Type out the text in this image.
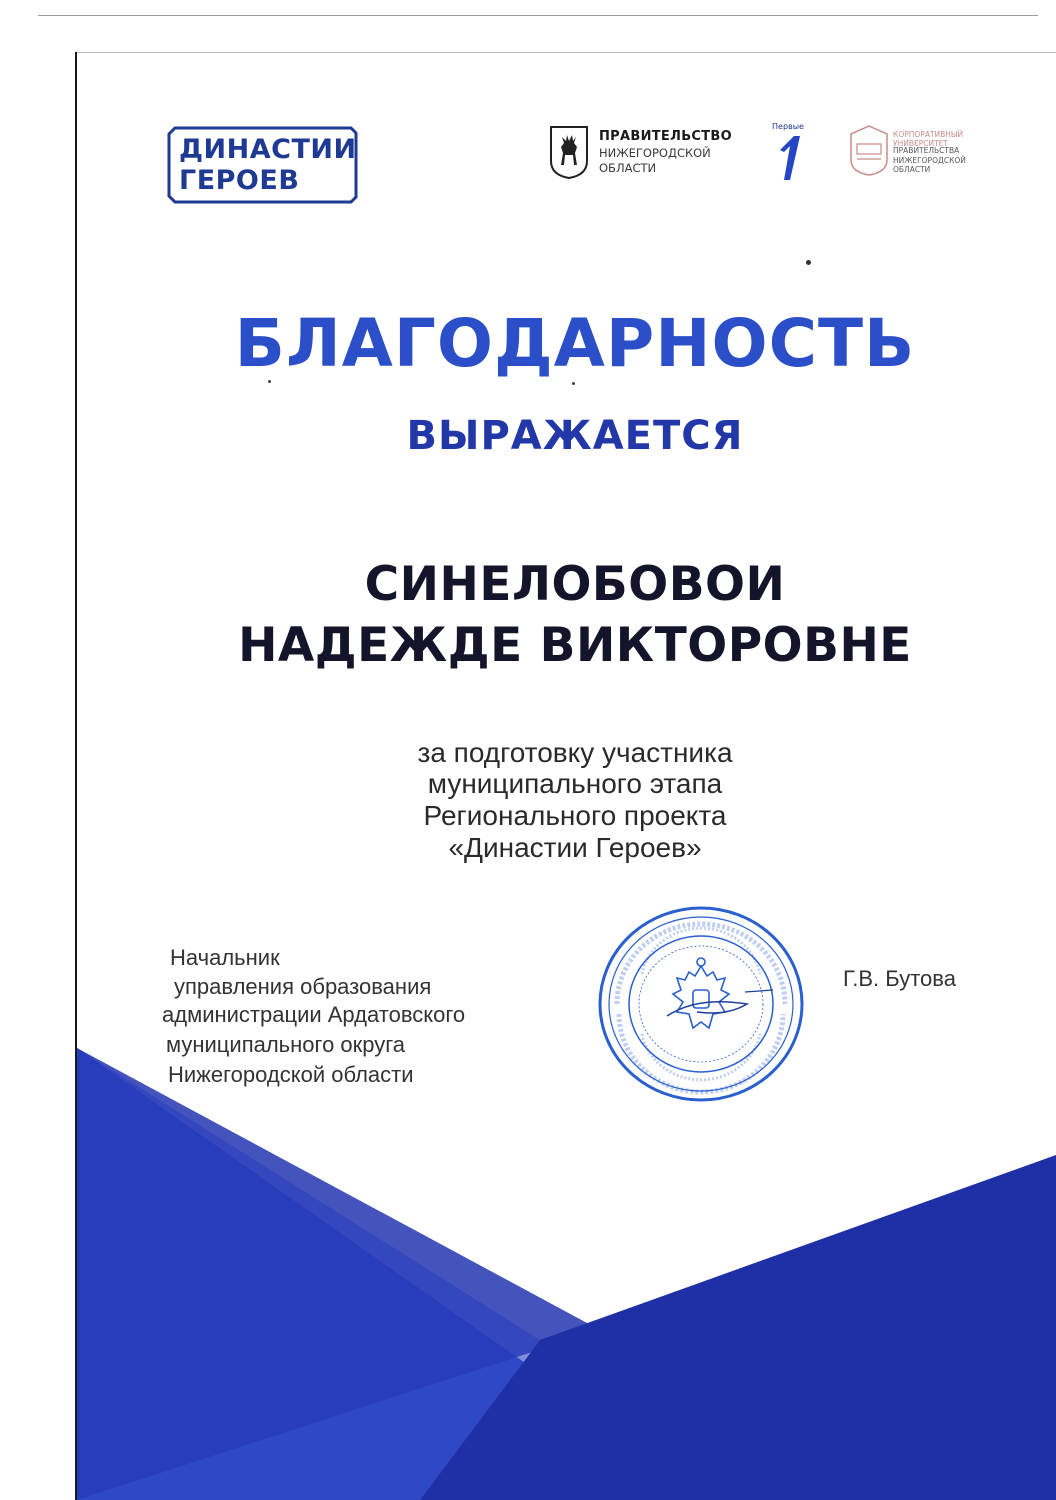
ДИНАСТИИ
ГЕРОЕВ
ПРАВИТЕЛЬСТВО
НИЖЕГОРОДСКОЙ
ОБЛАСТИ
Первые
КОРПОРАТИВНЫЙ УНИВЕРСИТЕТ
ПРАВИТЕЛЬСТВА
НИЖЕГОРОДСКОЙ ОБЛАСТИ
БЛАГОДАРНОСТЬ
ВЫРАЖАЕТСЯ
СИНЕЛОБОВОИ
НАДЕЖДЕ ВИКТОРОВНЕ
за подготовку участника
муниципального этапа
Регионального проекта
«Династии Героев»
Начальник
управления образования
администрации Ардатовского
муниципального округа
Нижегородской области
Г.В. Бутова
